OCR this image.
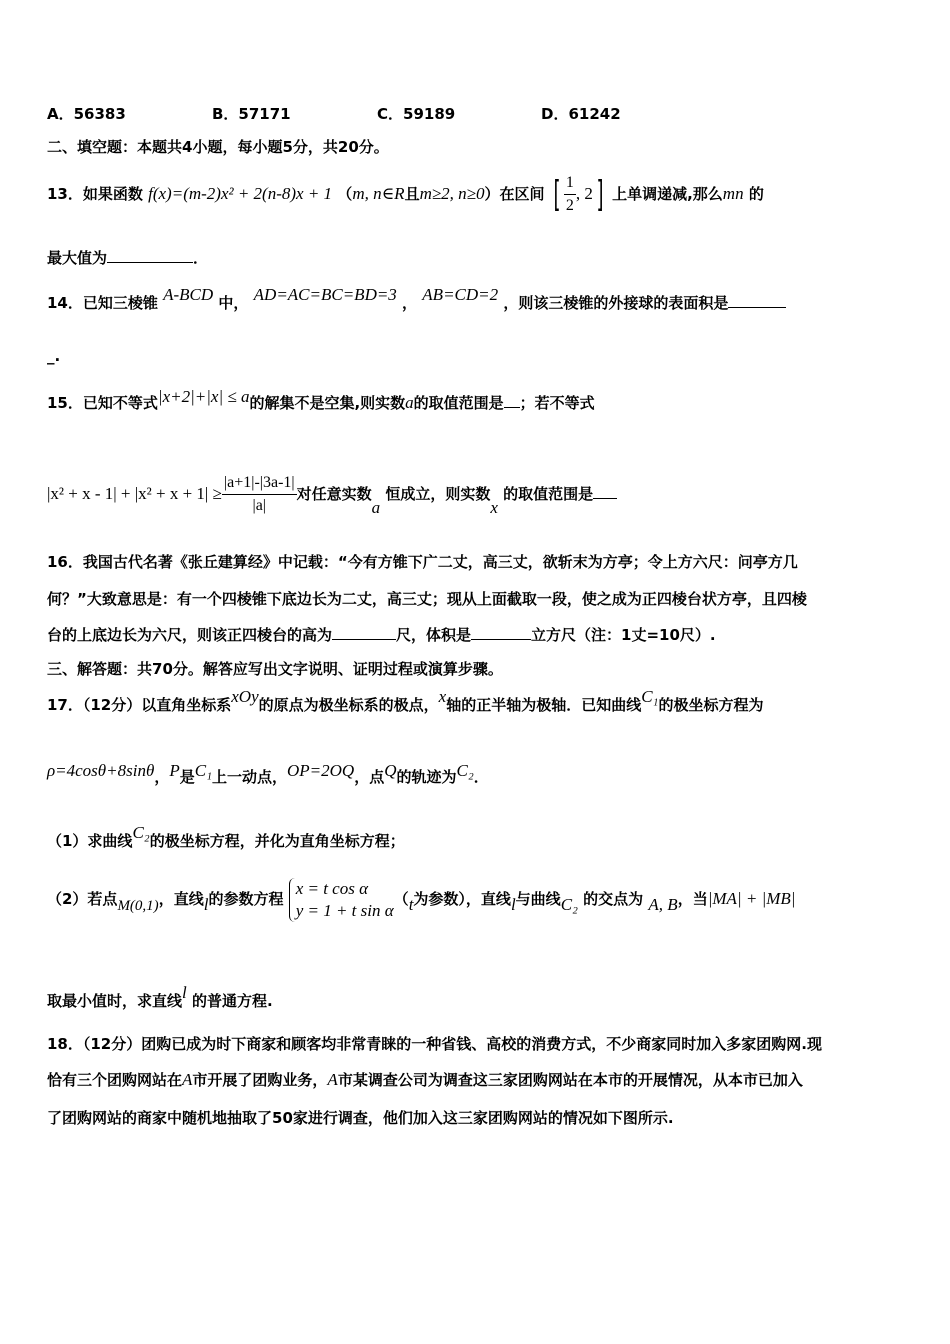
A．56383	B．57171	C．59189	D．61242
二、填空题：本题共4小题，每小题5分，共20分。
13．如果函数 f(x)=(m-2)x² + 2(n-8)x + 1 （m, n∈R且m≥2, n≥0）在区间 [ $\frac{1}{2}$ , 2] 上单调递减,那么mn 的
最大值为	．
14．已知三棱锥 A-BCD 中， AD=AC=BC=BD=3 ， AB=CD=2 ，则该三棱锥的外接球的表面积是
_.
15．已知不等式|x+2|+|x| ≤ a的解集不是空集,则实数a的取值范围是 ；若不等式
$|x^2 + x - 1| + |x^2 + x + 1| \ge \frac{|a+1|-|3a-1|}{|a|}$ 对任意实数a 恒成立，则实数x 的取值范围是
16．我国古代名著《张丘建算经》中记载：“今有方锥下广二丈，高三丈，欲斩末为方亭；令上方六尺：问亭方几
何？”大致意思是：有一个四棱锥下底边长为二丈，高三丈；现从上面截取一段，使之成为正四棱台状方亭，且四棱
台的上底边长为六尺，则该正四棱台的高为	尺，体积是	立方尺（注：1丈=10尺）.
三、解答题：共70分。解答应写出文字说明、证明过程或演算步骤。
17．（12分）以直角坐标系xOy的原点为极坐标系的极点，x轴的正半轴为极轴．已知曲线C₁的极坐标方程为
ρ=4cosθ+8sinθ，P是C₁上一动点，OP=2OQ，点Q的轨迹为C₂．
（1）求曲线C₂的极坐标方程，并化为直角坐标方程；
（2）若点M(0,1)，直线l的参数方程
x = t cos α
y = 1 + t sin α
（t为参数），直线l与曲线C₂ 的交点为 A, B，当|MA| + |MB|
取最小值时，求直线l 的普通方程.
18．（12分）团购已成为时下商家和顾客均非常青睐的一种省钱、高校的消费方式，不少商家同时加入多家团购网.现
恰有三个团购网站在A市开展了团购业务，A市某调查公司为调查这三家团购网站在本市的开展情况，从本市已加入
了团购网站的商家中随机地抽取了50家进行调查，他们加入这三家团购网站的情况如下图所示.
